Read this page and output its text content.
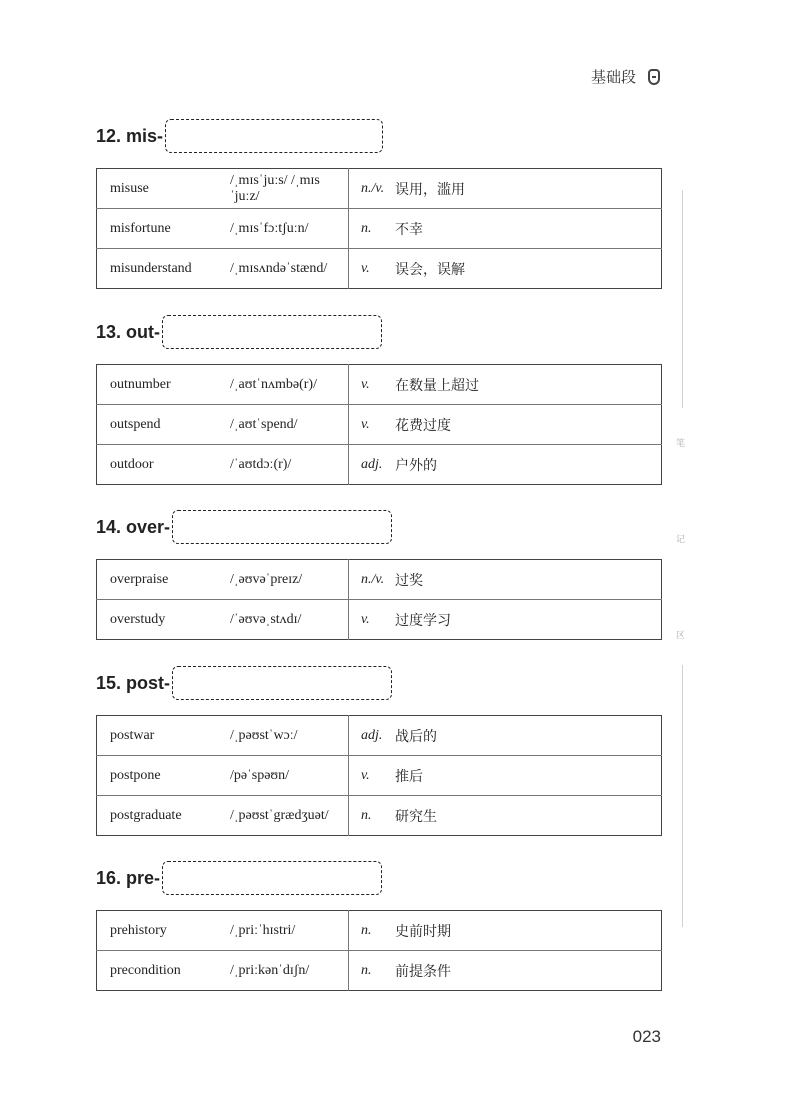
基础段
笔
记
区
12. mis-
misuse	/ˌmɪsˈjuːs/ /ˌmɪsˈjuːz/	n./v.	误用，滥用
misfortune	/ˌmɪsˈfɔːtʃuːn/	n.	不幸
misunderstand	/ˌmɪsʌndəˈstænd/	v.	误会，误解
13. out-
outnumber	/ˌaʊtˈnʌmbə(r)/	v.	在数量上超过
outspend	/ˌaʊtˈspend/	v.	花费过度
outdoor	/ˈaʊtdɔː(r)/	adj.	户外的
14. over-
overpraise	/ˌəʊvəˈpreɪz/	n./v.	过奖
overstudy	/ˈəʊvəˌstʌdɪ/	v.	过度学习
15. post-
postwar	/ˌpəʊstˈwɔː/	adj.	战后的
postpone	/pəˈspəʊn/	v.	推后
postgraduate	/ˌpəʊstˈgrædʒuət/	n.	研究生
16. pre-
prehistory	/ˌpriːˈhɪstri/	n.	史前时期
precondition	/ˌpriːkənˈdɪʃn/	n.	前提条件
023
